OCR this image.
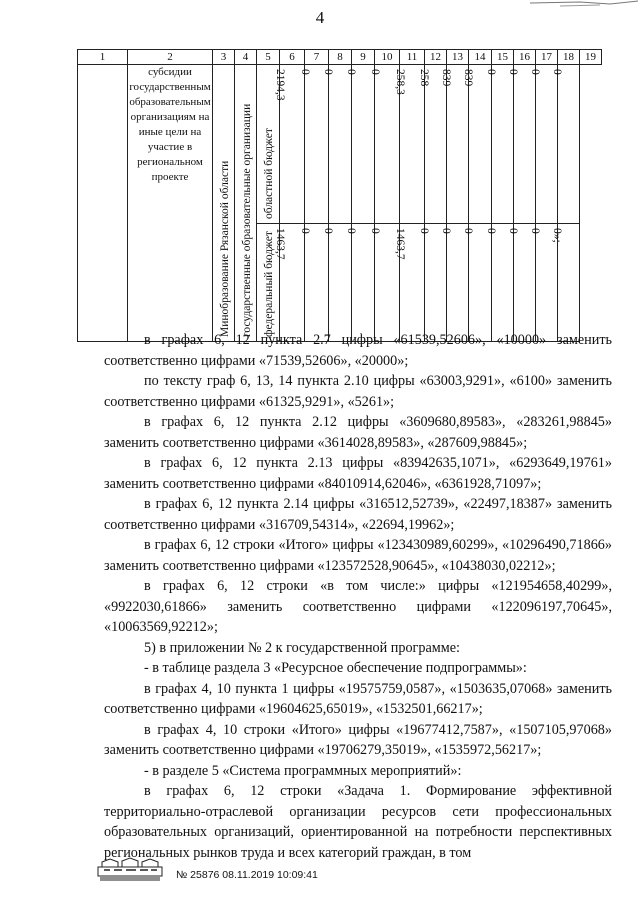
4
1	2	3	4	5	6	7	8	9	10	11	12	13	14	15	16	17	18	19
	субсидии государственным образовательным организациям на иные цели на участие в региональном проекте	Минобразование Рязанской области	государственные образовательные организации	областной бюджет	2194,3	0	0	0	0	258,3	258	839	839	0	0	0	0	

				федеральный бюджет	1463,7	0	0	0	0	1463,7	0	0	0	0	0	0	0»;	

в графах 6, 12 пункта 2.7 цифры «61539,52606», «10000» заменить соответственно цифрами «71539,52606», «20000»;

по тексту граф 6, 13, 14 пункта 2.10 цифры «63003,9291», «6100» заменить соответственно цифрами «61325,9291», «5261»;

в графах 6, 12 пункта 2.12 цифры «3609680,89583», «283261,98845» заменить соответственно цифрами «3614028,89583», «287609,98845»;

в графах 6, 12 пункта 2.13 цифры «83942635,1071», «6293649,19761» заменить соответственно цифрами «84010914,62046», «6361928,71097»;

в графах 6, 12 пункта 2.14 цифры «316512,52739», «22497,18387» заменить соответственно цифрами «316709,54314», «22694,19962»;

в графах 6, 12 строки «Итого» цифры «123430989,60299», «10296490,71866» заменить соответственно цифрами «123572528,90645», «10438030,02212»;

в графах 6, 12 строки «в том числе:» цифры «121954658,40299», «9922030,61866» заменить соответственно цифрами «122096197,70645», «10063569,92212»;

5) в приложении № 2 к государственной программе:

- в таблице раздела 3 «Ресурсное обеспечение подпрограммы»:

в графах 4, 10 пункта 1 цифры «19575759,0587», «1503635,07068» заменить соответственно цифрами «19604625,65019», «1532501,66217»;

в графах 4, 10 строки «Итого» цифры «19677412,7587», «1507105,97068» заменить соответственно цифрами «19706279,35019», «1535972,56217»;

- в разделе 5 «Система программных мероприятий»:

в графах 6, 12 строки «Задача 1. Формирование эффективной территориально-отраслевой организации ресурсов сети профессиональных образовательных организаций, ориентированной на потребности перспективных региональных рынков труда и всех категорий граждан, в том

№ 25876 08.11.2019 10:09:41
